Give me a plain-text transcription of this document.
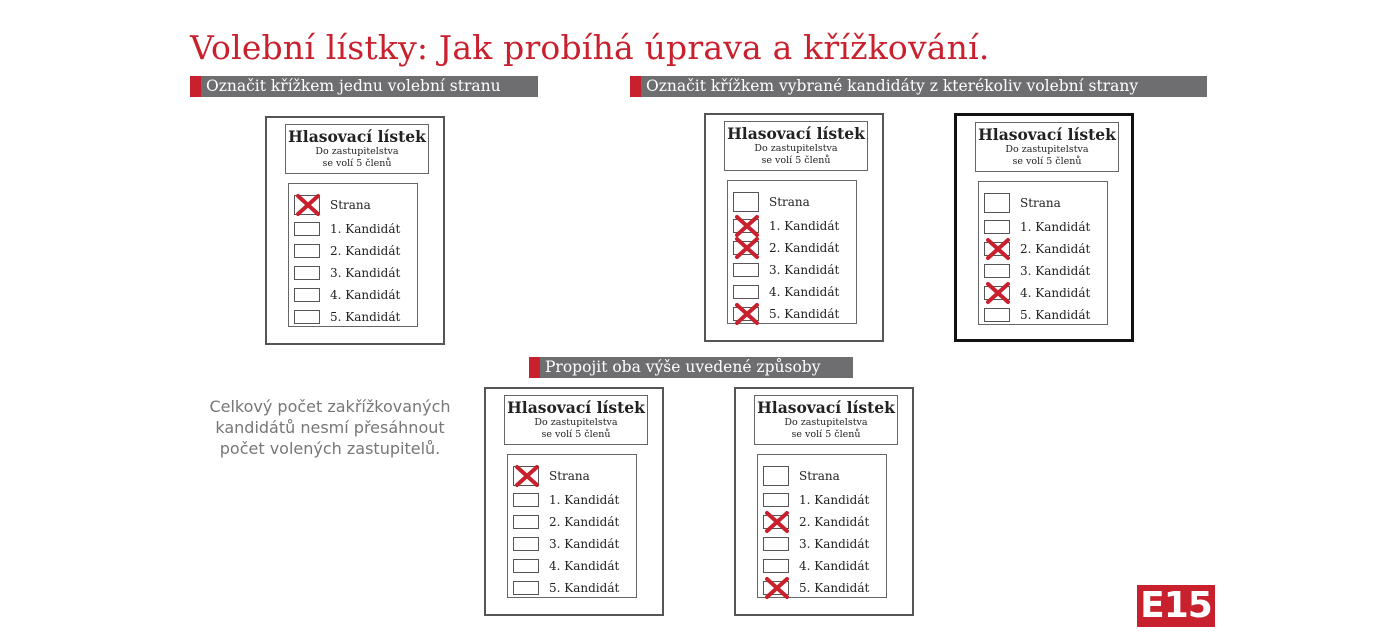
Volební lístky: Jak probíhá úprava a křížkování.
Označit křížkem jednu volební stranu	Označit křížkem vybrané kandidáty z kterékoliv volební strany
Propojit oba výše uvedené způsoby
Celkový počet zakřížkovaných kandidátů nesmí přesáhnout počet volených zastupitelů.
E15
Hlasovací lístek
Do zastupitelstva
se volí 5 členů
Strana
1. Kandidát
2. Kandidát
3. Kandidát
4. Kandidát
5. Kandidát
Hlasovací lístek
Do zastupitelstva
se volí 5 členů
Strana
1. Kandidát
2. Kandidát
3. Kandidát
4. Kandidát
5. Kandidát
Hlasovací lístek
Do zastupitelstva
se volí 5 členů
Strana
1. Kandidát
2. Kandidát
3. Kandidát
4. Kandidát
5. Kandidát
Hlasovací lístek
Do zastupitelstva
se volí 5 členů
Strana
1. Kandidát
2. Kandidát
3. Kandidát
4. Kandidát
5. Kandidát
Hlasovací lístek
Do zastupitelstva
se volí 5 členů
Strana
1. Kandidát
2. Kandidát
3. Kandidát
4. Kandidát
5. Kandidát
